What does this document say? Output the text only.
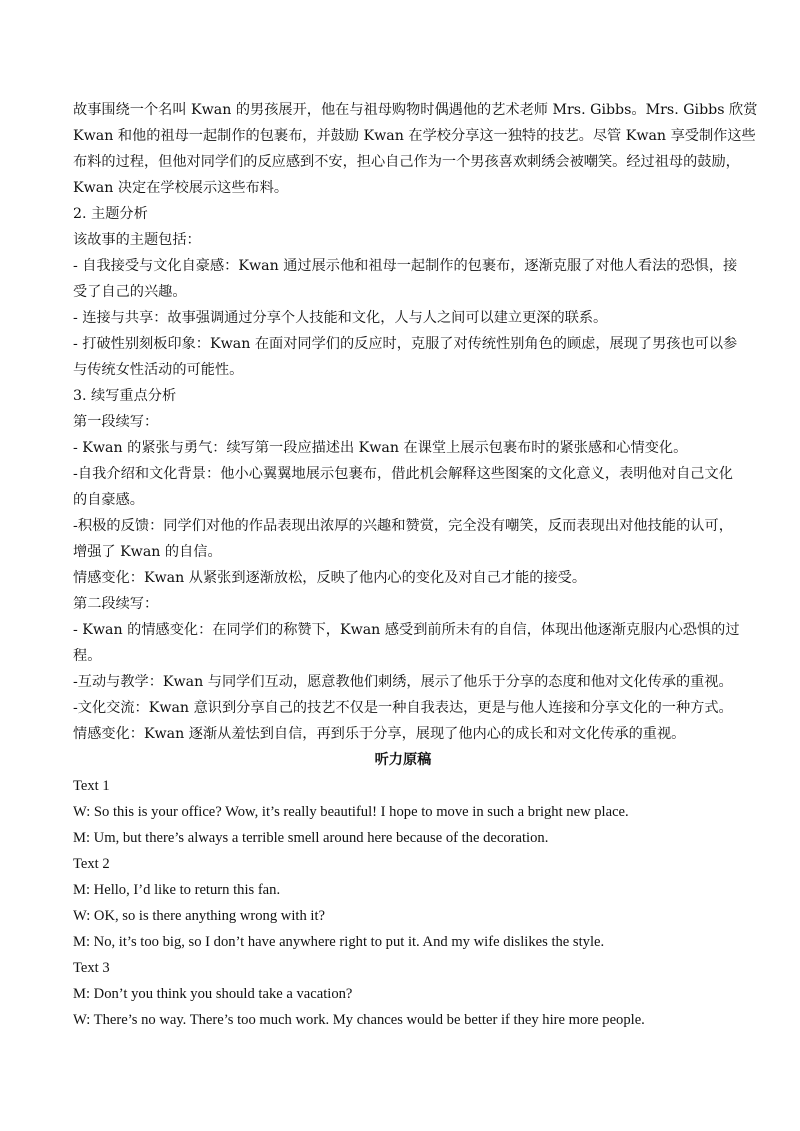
故事围绕一个名叫 Kwan 的男孩展开，他在与祖母购物时偶遇他的艺术老师 Mrs. Gibbs。Mrs. Gibbs 欣赏

Kwan 和他的祖母一起制作的包裹布，并鼓励 Kwan 在学校分享这一独特的技艺。尽管 Kwan 享受制作这些

布料的过程，但他对同学们的反应感到不安，担心自己作为一个男孩喜欢刺绣会被嘲笑。经过祖母的鼓励，

Kwan 决定在学校展示这些布料。

2. 主题分析

该故事的主题包括：

- 自我接受与文化自豪感：Kwan 通过展示他和祖母一起制作的包裹布，逐渐克服了对他人看法的恐惧，接

受了自己的兴趣。

- 连接与共享：故事强调通过分享个人技能和文化，人与人之间可以建立更深的联系。

- 打破性别刻板印象：Kwan 在面对同学们的反应时，克服了对传统性别角色的顾虑，展现了男孩也可以参

与传统女性活动的可能性。

3. 续写重点分析

第一段续写：

- Kwan 的紧张与勇气：续写第一段应描述出 Kwan 在课堂上展示包裹布时的紧张感和心情变化。

-自我介绍和文化背景：他小心翼翼地展示包裹布，借此机会解释这些图案的文化意义，表明他对自己文化

的自豪感。

-积极的反馈：同学们对他的作品表现出浓厚的兴趣和赞赏，完全没有嘲笑，反而表现出对他技能的认可，

增强了 Kwan 的自信。

情感变化：Kwan 从紧张到逐渐放松，反映了他内心的变化及对自己才能的接受。

第二段续写：

- Kwan 的情感变化：在同学们的称赞下，Kwan 感受到前所未有的自信，体现出他逐渐克服内心恐惧的过

程。

-互动与教学：Kwan 与同学们互动，愿意教他们刺绣，展示了他乐于分享的态度和他对文化传承的重视。

-文化交流：Kwan 意识到分享自己的技艺不仅是一种自我表达，更是与他人连接和分享文化的一种方式。

情感变化：Kwan 逐渐从羞怯到自信，再到乐于分享，展现了他内心的成长和对文化传承的重视。

听力原稿

Text 1

W: So this is your office? Wow, it’s really beautiful! I hope to move in such a bright new place.

M: Um, but there’s always a terrible smell around here because of the decoration.

Text 2

M: Hello, I’d like to return this fan.

W: OK, so is there anything wrong with it?

M: No, it’s too big, so I don’t have anywhere right to put it. And my wife dislikes the style.

Text 3

M: Don’t you think you should take a vacation?

W: There’s no way. There’s too much work. My chances would be better if they hire more people.
